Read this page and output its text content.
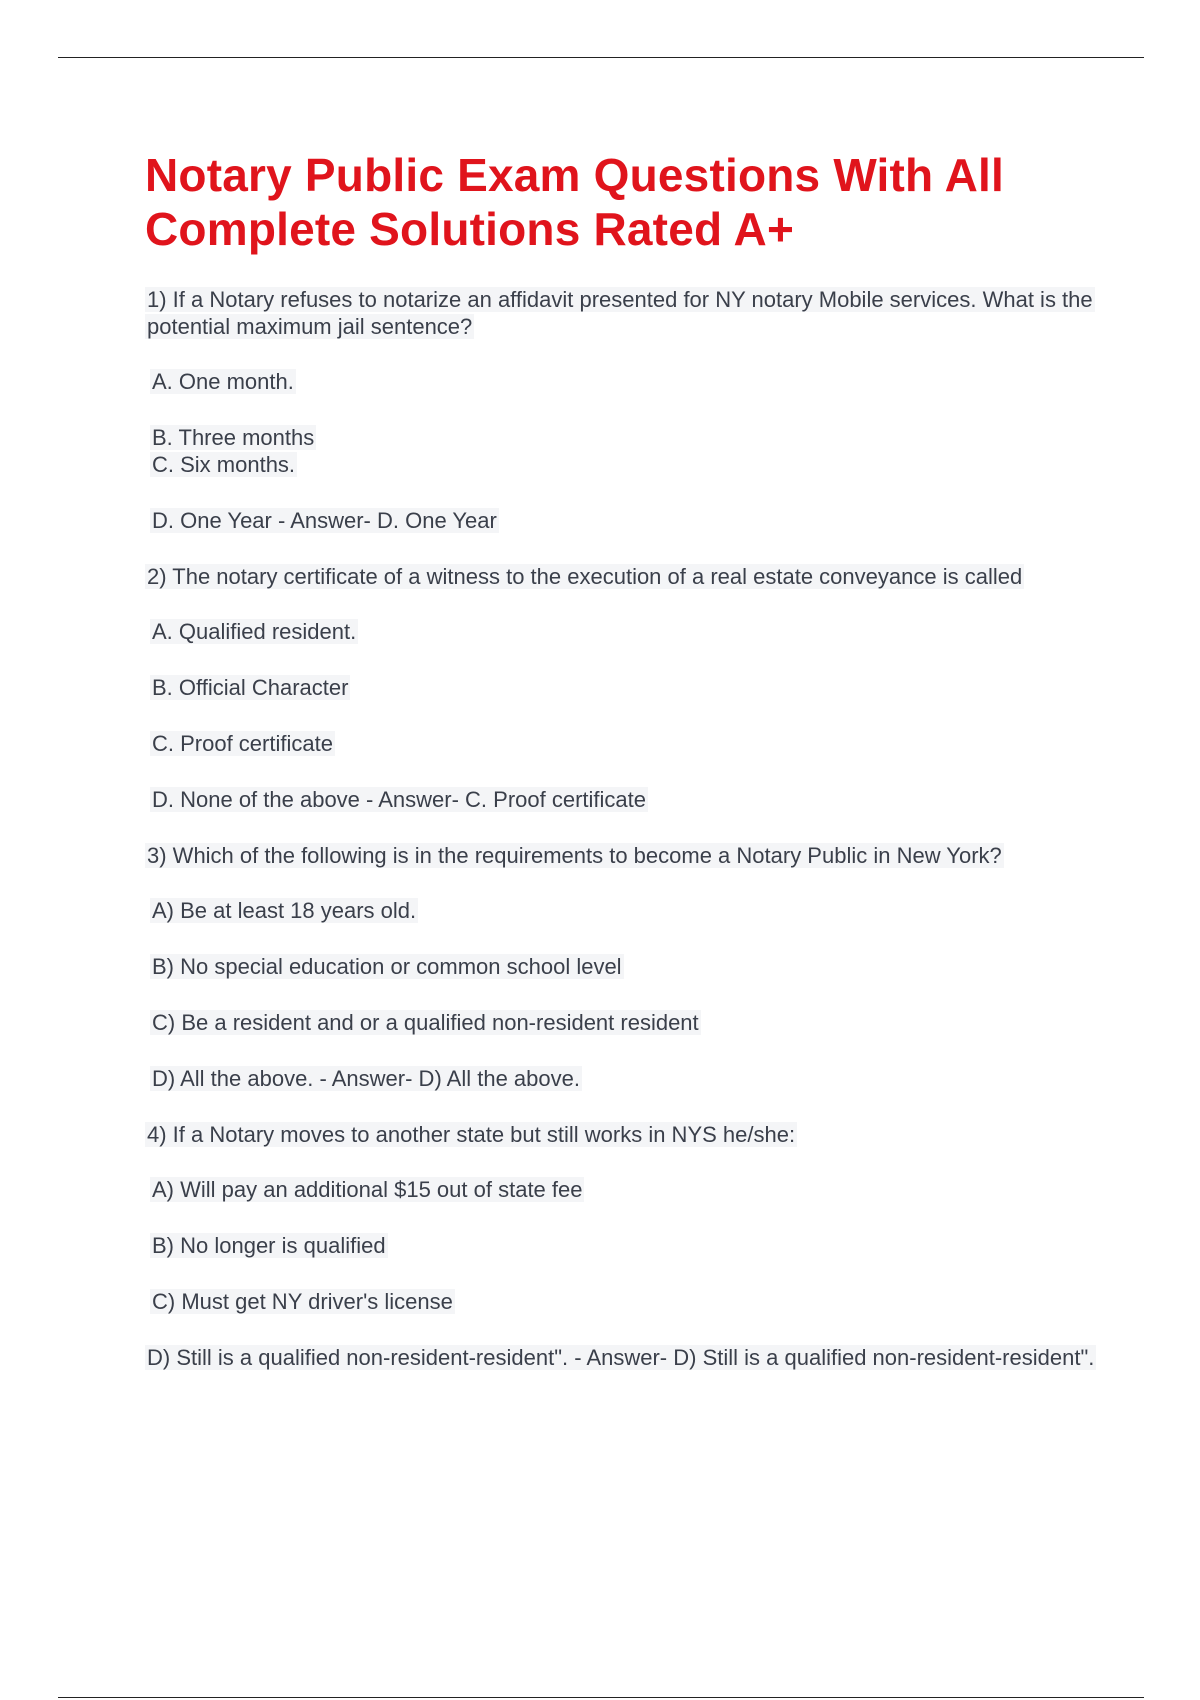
Notary Public Exam Questions With All Complete Solutions Rated A+
1) If a Notary refuses to notarize an affidavit presented for NY notary Mobile services. What is the potential maximum jail sentence?
A. One month.
B. Three months
C. Six months.
D. One Year - Answer- D. One Year
2) The notary certificate of a witness to the execution of a real estate conveyance is called
A. Qualified resident.
B. Official Character
C. Proof certificate
D. None of the above - Answer- C. Proof certificate
3) Which of the following is in the requirements to become a Notary Public in New York?
A) Be at least 18 years old.
B) No special education or common school level
C) Be a resident and or a qualified non-resident resident
D) All the above. - Answer- D) All the above.
4) If a Notary moves to another state but still works in NYS he/she:
A) Will pay an additional $15 out of state fee
B) No longer is qualified
C) Must get NY driver's license
D) Still is a qualified non-resident-resident". - Answer- D) Still is a qualified non-resident-resident".
